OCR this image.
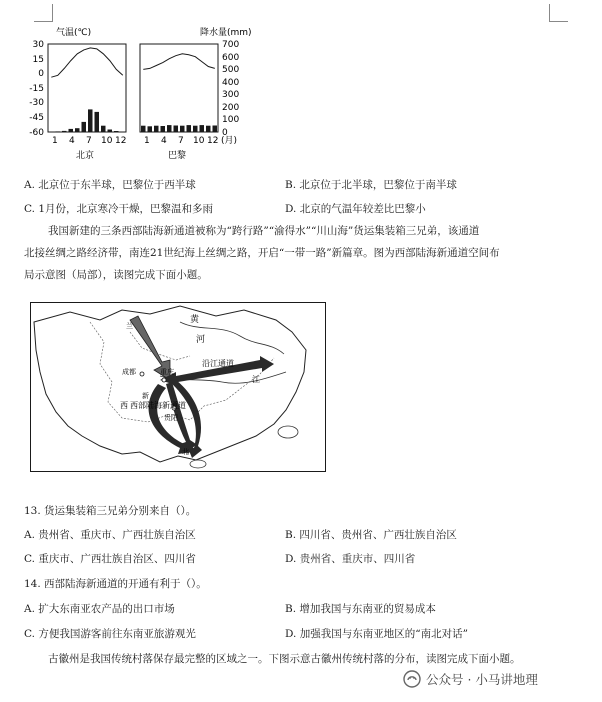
气温(℃)
30
15
0
-15
-30
-45
-60
1 4 7 10 12
北京
降水量(mm)
700
600
500
400
300
200
100
0
1 4 7 10 12 (月)
巴黎
A. 北京位于东半球，巴黎位于西半球	B. 北京位于北半球，巴黎位于南半球
C. 1月份，北京寒冷干燥，巴黎温和多雨	D. 北京的气温年较差比巴黎小
我国新建的三条西部陆海新通道被称为“跨行路”“渝得水”“川山海”货运集装箱三兄弟，该通道
北接丝绸之路经济带，南连21世纪海上丝绸之路，开启“一带一路”新篇章。图为西部陆海新通道空间布
局示意图（局部），读图完成下面小题。
黄
河
兰
成都	重庆
沿江通道
江
西 西部陆海新通道
贵阳
北
新
13. 货运集装箱三兄弟分别来自（）。
A. 贵州省、重庆市、广西壮族自治区	B. 四川省、贵州省、广西壮族自治区
C. 重庆市、广西壮族自治区、四川省	D. 贵州省、重庆市、四川省
14. 西部陆海新通道的开通有利于（）。
A. 扩大东南亚农产品的出口市场	B. 增加我国与东南亚的贸易成本
C. 方便我国游客前往东南亚旅游观光	D. 加强我国与东南亚地区的“南北对话”
古徽州是我国传统村落保存最完整的区域之一。下图示意古徽州传统村落的分布，读图完成下面小题。
公众号 · 小马讲地理
